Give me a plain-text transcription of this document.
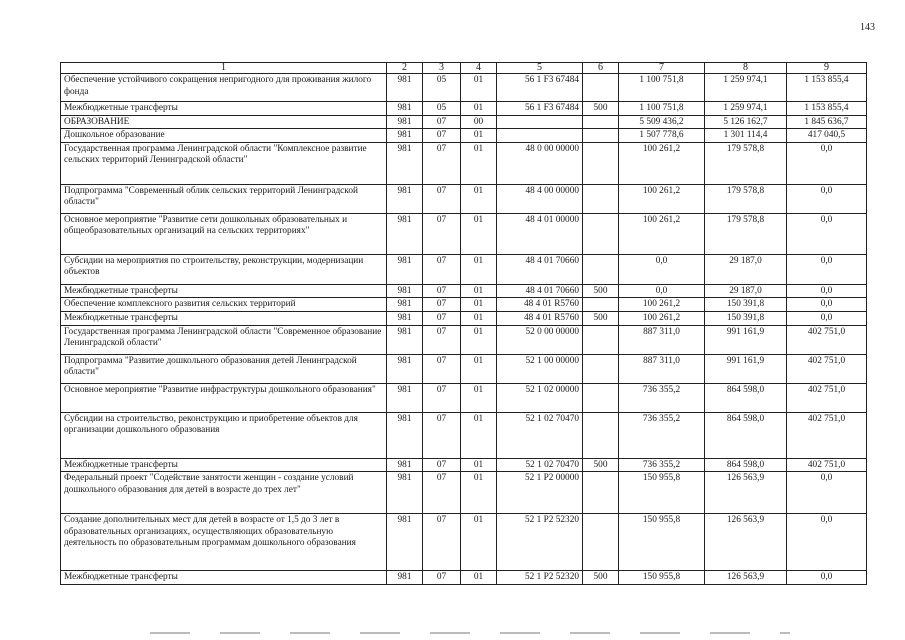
143
1	2	3	4	5	6	7	8	9
Обеспечение устойчивого сокращения непригодного для проживания жилого фонда	981	05	01	56 1 F3 67484		1 100 751,8	1 259 974,1	1 153 855,4
Межбюджетные трансферты	981	05	01	56 1 F3 67484	500	1 100 751,8	1 259 974,1	1 153 855,4
ОБРАЗОВАНИЕ	981	07	00			5 509 436,2	5 126 162,7	1 845 636,7
Дошкольное образование	981	07	01			1 507 778,6	1 301 114,4	417 040,5
Государственная программа Ленинградской области "Комплексное развитие сельских территорий Ленинградской области"	981	07	01	48 0 00 00000		100 261,2	179 578,8	0,0
Подпрограмма "Современный облик сельских территорий Ленинградской области"	981	07	01	48 4 00 00000		100 261,2	179 578,8	0,0
Основное мероприятие "Развитие сети дошкольных образовательных и общеобразовательных организаций на сельских территориях"	981	07	01	48 4 01 00000		100 261,2	179 578,8	0,0
Субсидии на мероприятия по строительству, реконструкции, модернизации объектов	981	07	01	48 4 01 70660		0,0	29 187,0	0,0
Межбюджетные трансферты	981	07	01	48 4 01 70660	500	0,0	29 187,0	0,0
Обеспечение комплексного развития сельских территорий	981	07	01	48 4 01 R5760		100 261,2	150 391,8	0,0
Межбюджетные трансферты	981	07	01	48 4 01 R5760	500	100 261,2	150 391,8	0,0
Государственная программа Ленинградской области "Современное образование Ленинградской области"	981	07	01	52 0 00 00000		887 311,0	991 161,9	402 751,0
Подпрограмма "Развитие дошкольного образования детей Ленинградской области"	981	07	01	52 1 00 00000		887 311,0	991 161,9	402 751,0
Основное мероприятие "Развитие инфраструктуры дошкольного образования"	981	07	01	52 1 02 00000		736 355,2	864 598,0	402 751,0
Субсидии на строительство, реконструкцию и приобретение объектов для организации дошкольного образования	981	07	01	52 1 02 70470		736 355,2	864 598,0	402 751,0
Межбюджетные трансферты	981	07	01	52 1 02 70470	500	736 355,2	864 598,0	402 751,0
Федеральный проект "Содействие занятости женщин - создание условий дошкольного образования для детей в возрасте до трех лет"	981	07	01	52 1 P2 00000		150 955,8	126 563,9	0,0
Создание дополнительных мест для детей в возрасте от 1,5 до 3 лет в образовательных организациях, осуществляющих образовательную деятельность по образовательным программам дошкольного образования	981	07	01	52 1 P2 52320		150 955,8	126 563,9	0,0
Межбюджетные трансферты	981	07	01	52 1 P2 52320	500	150 955,8	126 563,9	0,0
